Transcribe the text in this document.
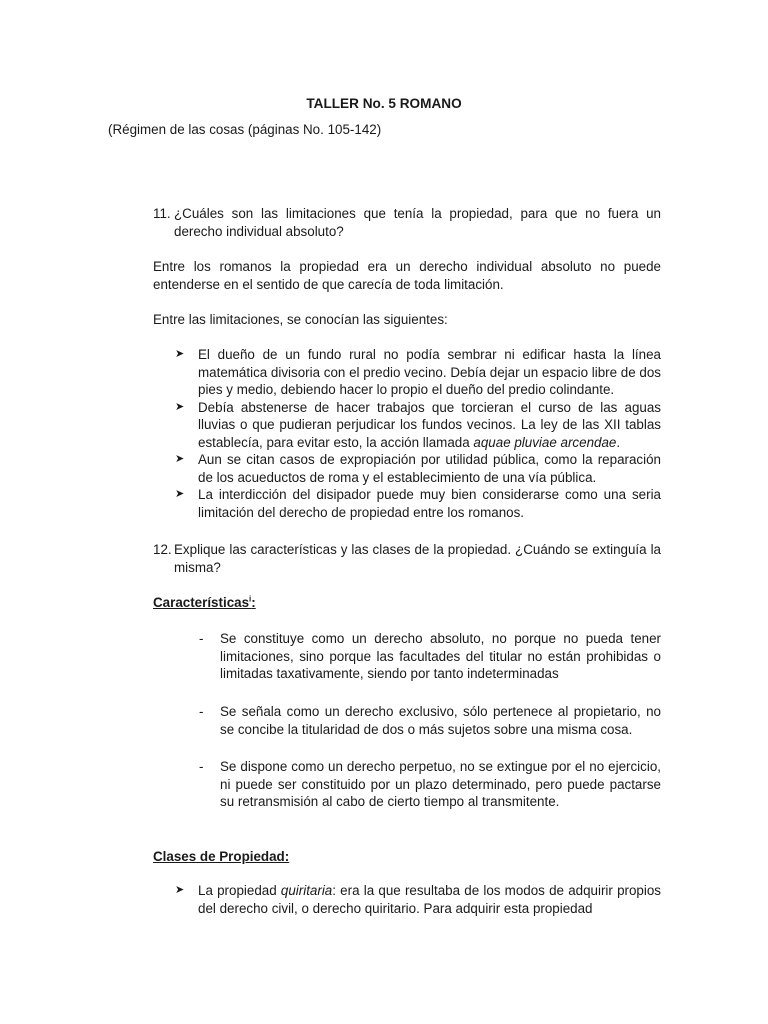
TALLER No. 5 ROMANO
(Régimen de las cosas (páginas No. 105-142)
11. ¿Cuáles son las limitaciones que tenía la propiedad, para que no fuera un derecho individual absoluto?
Entre los romanos la propiedad era un derecho individual absoluto no puede entenderse en el sentido de que carecía de toda limitación.
Entre las limitaciones, se conocían las siguientes:
➤ El dueño de un fundo rural no podía sembrar ni edificar hasta la línea matemática divisoria con el predio vecino. Debía dejar un espacio libre de dos pies y medio, debiendo hacer lo propio el dueño del predio colindante.
➤ Debía abstenerse de hacer trabajos que torcieran el curso de las aguas lluvias o que pudieran perjudicar los fundos vecinos. La ley de las XII tablas establecía, para evitar esto, la acción llamada aquae pluviae arcendae.
➤ Aun se citan casos de expropiación por utilidad pública, como la reparación de los acueductos de roma y el establecimiento de una vía pública.
➤ La interdicción del disipador puede muy bien considerarse como una seria limitación del derecho de propiedad entre los romanos.
12. Explique las características y las clases de la propiedad. ¿Cuándo se extinguía la misma?
Características$^i$:
- Se constituye como un derecho absoluto, no porque no pueda tener limitaciones, sino porque las facultades del titular no están prohibidas o limitadas taxativamente, siendo por tanto indeterminadas
- Se señala como un derecho exclusivo, sólo pertenece al propietario, no se concibe la titularidad de dos o más sujetos sobre una misma cosa.
- Se dispone como un derecho perpetuo, no se extingue por el no ejercicio, ni puede ser constituido por un plazo determinado, pero puede pactarse su retransmisión al cabo de cierto tiempo al transmitente.
Clases de Propiedad:
➤ La propiedad quiritaria: era la que resultaba de los modos de adquirir propios del derecho civil, o derecho quiritario. Para adquirir esta propiedad
